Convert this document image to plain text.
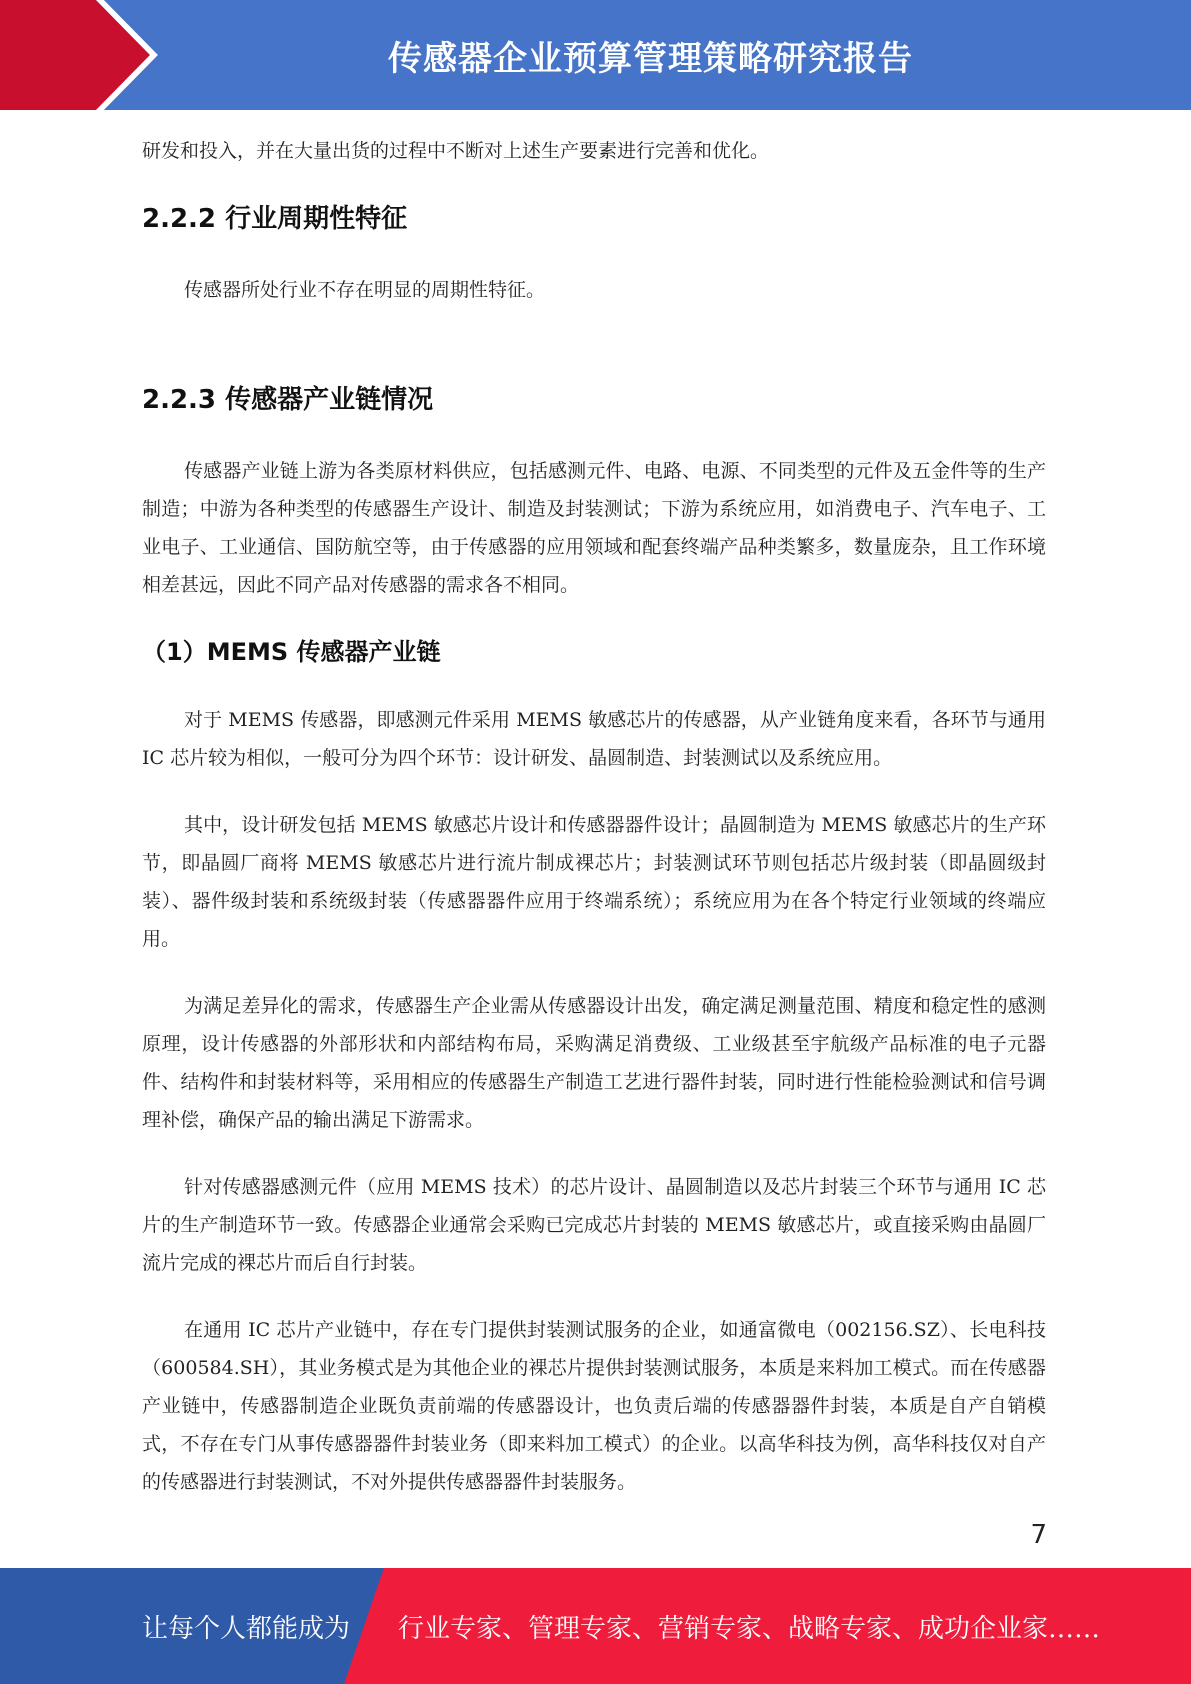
传感器企业预算管理策略研究报告

研发和投入，并在大量出货的过程中不断对上述生产要素进行完善和优化。

2.2.2 行业周期性特征

传感器所处行业不存在明显的周期性特征。

2.2.3 传感器产业链情况

传感器产业链上游为各类原材料供应，包括感测元件、电路、电源、不同类型的元件及五金件等的生产制造；中游为各种类型的传感器生产设计、制造及封装测试；下游为系统应用，如消费电子、汽车电子、工业电子、工业通信、国防航空等，由于传感器的应用领域和配套终端产品种类繁多，数量庞杂，且工作环境相差甚远，因此不同产品对传感器的需求各不相同。

（1）MEMS 传感器产业链

对于 MEMS 传感器，即感测元件采用 MEMS 敏感芯片的传感器，从产业链角度来看，各环节与通用 IC 芯片较为相似，一般可分为四个环节：设计研发、晶圆制造、封装测试以及系统应用。

其中，设计研发包括 MEMS 敏感芯片设计和传感器器件设计；晶圆制造为 MEMS 敏感芯片的生产环节，即晶圆厂商将 MEMS 敏感芯片进行流片制成裸芯片；封装测试环节则包括芯片级封装（即晶圆级封装）、器件级封装和系统级封装（传感器器件应用于终端系统）；系统应用为在各个特定行业领域的终端应用。

为满足差异化的需求，传感器生产企业需从传感器设计出发，确定满足测量范围、精度和稳定性的感测原理，设计传感器的外部形状和内部结构布局，采购满足消费级、工业级甚至宇航级产品标准的电子元器件、结构件和封装材料等，采用相应的传感器生产制造工艺进行器件封装，同时进行性能检验测试和信号调理补偿，确保产品的输出满足下游需求。

针对传感器感测元件（应用 MEMS 技术）的芯片设计、晶圆制造以及芯片封装三个环节与通用 IC 芯片的生产制造环节一致。传感器企业通常会采购已完成芯片封装的 MEMS 敏感芯片，或直接采购由晶圆厂流片完成的裸芯片而后自行封装。

在通用 IC 芯片产业链中，存在专门提供封装测试服务的企业，如通富微电（002156.SZ）、长电科技（600584.SH），其业务模式是为其他企业的裸芯片提供封装测试服务，本质是来料加工模式。而在传感器产业链中，传感器制造企业既负责前端的传感器设计，也负责后端的传感器器件封装，本质是自产自销模式，不存在专门从事传感器器件封装业务（即来料加工模式）的企业。以高华科技为例，高华科技仅对自产的传感器进行封装测试，不对外提供传感器器件封装服务。

7
让每个人都能成为 行业专家、管理专家、营销专家、战略专家、成功企业家……
